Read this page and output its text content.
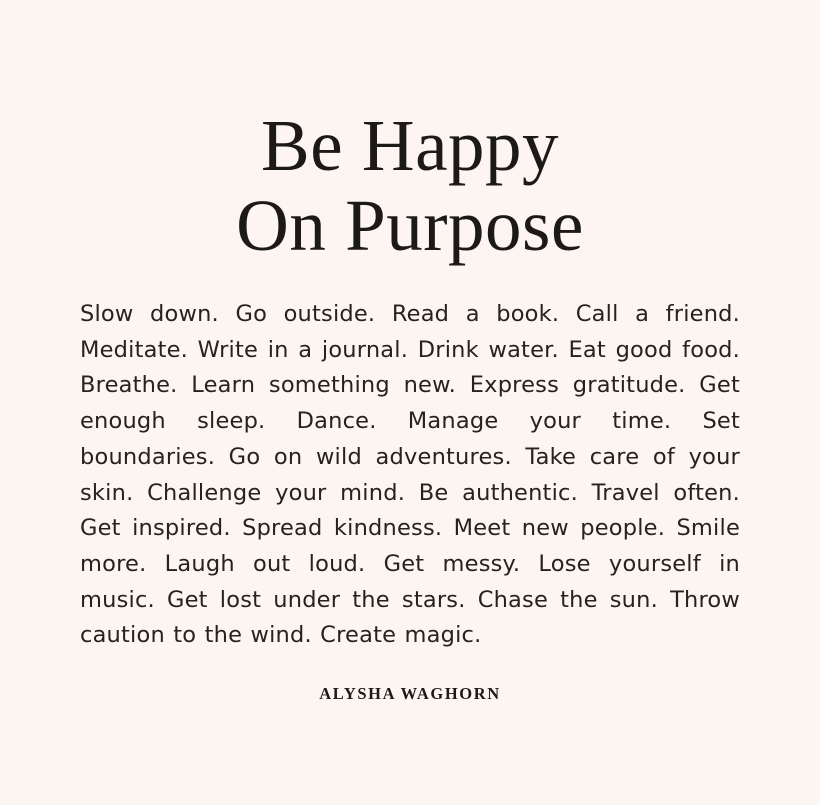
Be Happy
On Purpose

Slow down. Go outside. Read a book. Call a friend. Meditate. Write in a journal. Drink water. Eat good food. Breathe. Learn something new. Express gratitude. Get enough sleep. Dance. Manage your time. Set boundaries. Go on wild adventures. Take care of your skin. Challenge your mind. Be authentic. Travel often. Get inspired. Spread kindness. Meet new people. Smile more. Laugh out loud. Get messy. Lose yourself in music. Get lost under the stars. Chase the sun. Throw caution to the wind. Create magic.

ALYSHA WAGHORN
